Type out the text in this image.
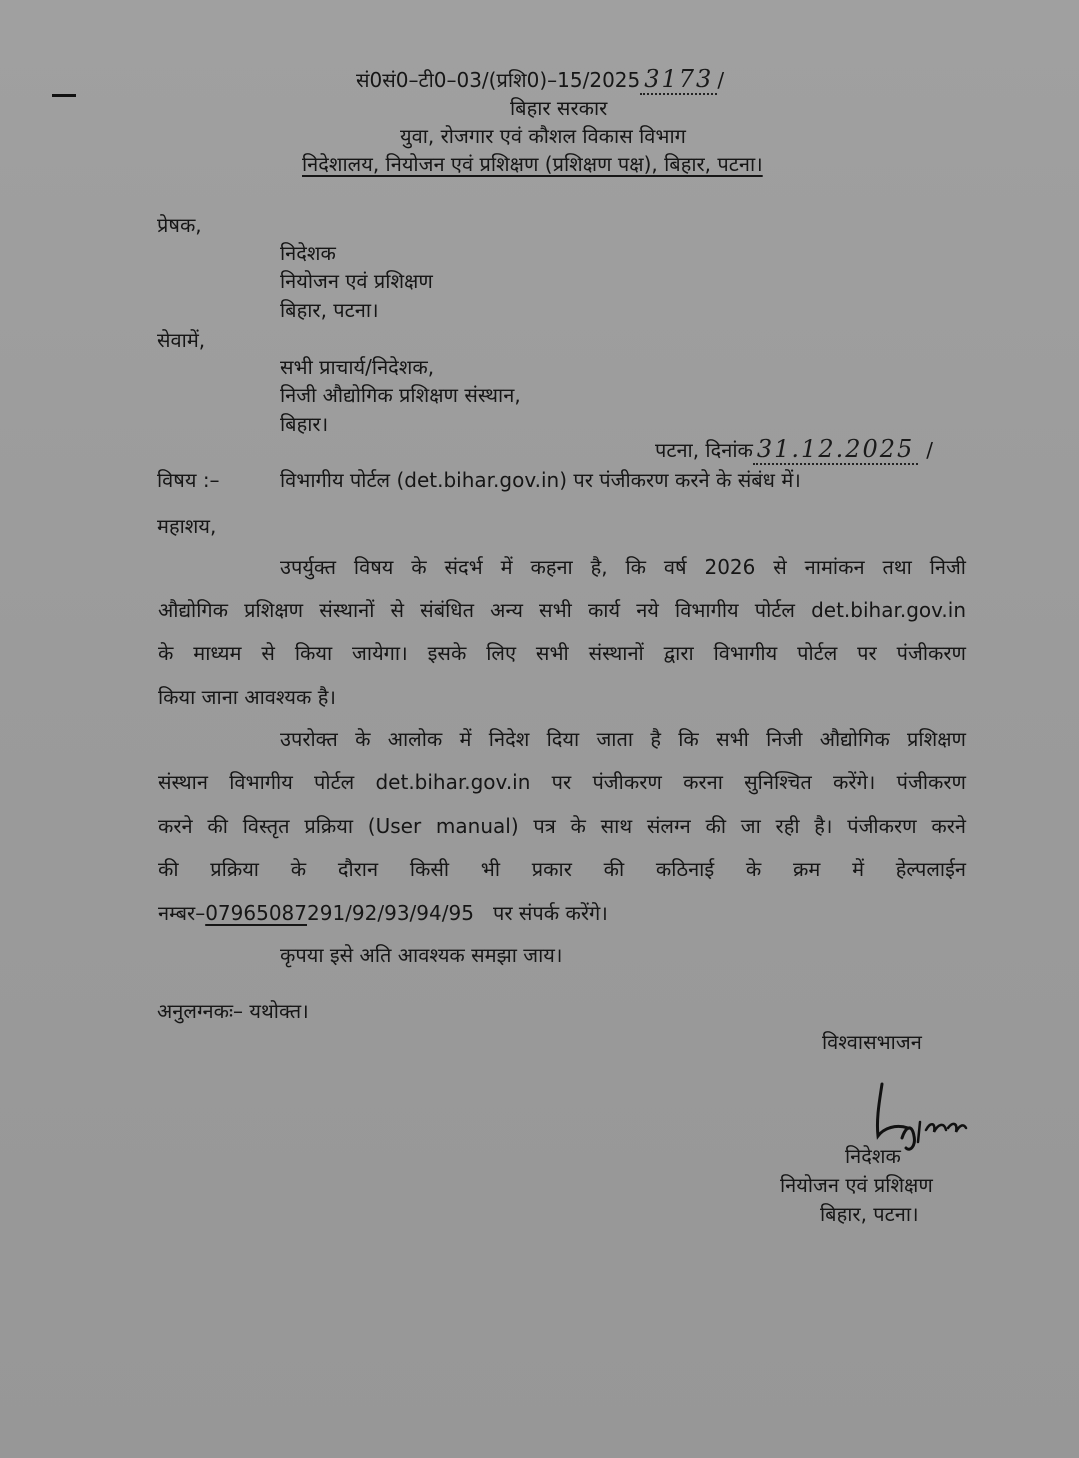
सं0सं0–टी0–03/(प्रशि0)–15/2025 3173 /
बिहार सरकार
युवा, रोजगार एवं कौशल विकास विभाग
निदेशालय, नियोजन एवं प्रशिक्षण (प्रशिक्षण पक्ष), बिहार, पटना।
प्रेषक,
निदेशक
नियोजन एवं प्रशिक्षण
बिहार, पटना।
सेवामें,
सभी प्राचार्य/निदेशक,
निजी औद्योगिक प्रशिक्षण संस्थान,
बिहार।
पटना, दिनांक 31.12.2025 /
विषय :–	विभागीय पोर्टल (det.bihar.gov.in) पर पंजीकरण करने के संबंध में।
महाशय,
उपर्युक्त विषय के संदर्भ में कहना है, कि वर्ष 2026 से नामांकन तथा निजी
औद्योगिक प्रशिक्षण संस्थानों से संबंधित अन्य सभी कार्य नये विभागीय पोर्टल det.bihar.gov.in
के माध्यम से किया जायेगा। इसके लिए सभी संस्थानों द्वारा विभागीय पोर्टल पर पंजीकरण
किया जाना आवश्यक है।
उपरोक्त के आलोक में निदेश दिया जाता है कि सभी निजी औद्योगिक प्रशिक्षण
संस्थान विभागीय पोर्टल det.bihar.gov.in पर पंजीकरण करना सुनिश्चित करेंगे। पंजीकरण
करने की विस्तृत प्रक्रिया (User manual) पत्र के साथ संलग्न की जा रही है। पंजीकरण करने
की प्रक्रिया के दौरान किसी भी प्रकार की कठिनाई के क्रम में हेल्पलाईन
नम्बर–07965087291/92/93/94/95   पर संपर्क करेंगे।
कृपया इसे अति आवश्यक समझा जाय।
अनुलग्नकः– यथोक्त।
विश्वासभाजन
निदेशक
नियोजन एवं प्रशिक्षण
बिहार, पटना।
